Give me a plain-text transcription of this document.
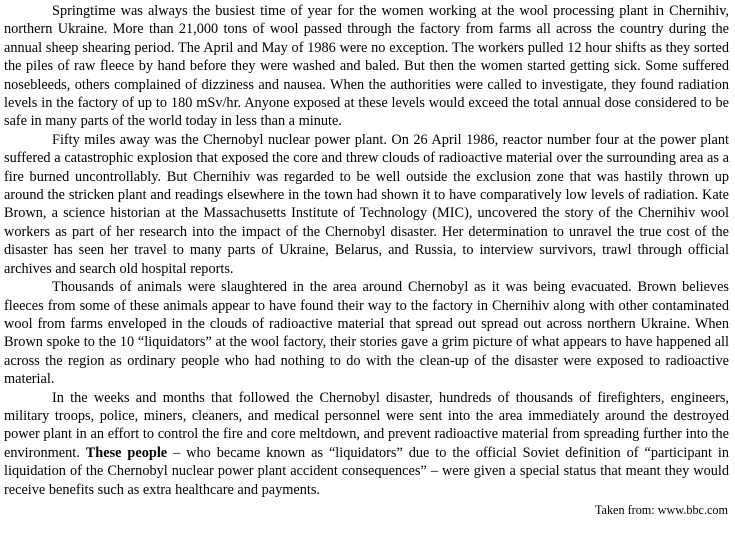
Springtime was always the busiest time of year for the women working at the wool processing plant in Chernihiv, northern Ukraine. More than 21,000 tons of wool passed through the factory from farms all across the country during the annual sheep shearing period. The April and May of 1986 were no exception. The workers pulled 12 hour shifts as they sorted the piles of raw fleece by hand before they were washed and baled. But then the women started getting sick. Some suffered nosebleeds, others complained of dizziness and nausea. When the authorities were called to investigate, they found radiation levels in the factory of up to 180 mSv/hr. Anyone exposed at these levels would exceed the total annual dose considered to be safe in many parts of the world today in less than a minute.

Fifty miles away was the Chernobyl nuclear power plant. On 26 April 1986, reactor number four at the power plant suffered a catastrophic explosion that exposed the core and threw clouds of radioactive material over the surrounding area as a fire burned uncontrollably. But Chernihiv was regarded to be well outside the exclusion zone that was hastily thrown up around the stricken plant and readings elsewhere in the town had shown it to have comparatively low levels of radiation. Kate Brown, a science historian at the Massachusetts Institute of Technology (MIC), uncovered the story of the Chernihiv wool workers as part of her research into the impact of the Chernobyl disaster. Her determination to unravel the true cost of the disaster has seen her travel to many parts of Ukraine, Belarus, and Russia, to interview survivors, trawl through official archives and search old hospital reports.

Thousands of animals were slaughtered in the area around Chernobyl as it was being evacuated. Brown believes fleeces from some of these animals appear to have found their way to the factory in Chernihiv along with other contaminated wool from farms enveloped in the clouds of radioactive material that spread out spread out across northern Ukraine. When Brown spoke to the 10 “liquidators” at the wool factory, their stories gave a grim picture of what appears to have happened all across the region as ordinary people who had nothing to do with the clean-up of the disaster were exposed to radioactive material.

In the weeks and months that followed the Chernobyl disaster, hundreds of thousands of firefighters, engineers, military troops, police, miners, cleaners, and medical personnel were sent into the area immediately around the destroyed power plant in an effort to control the fire and core meltdown, and prevent radioactive material from spreading further into the environment. These people – who became known as “liquidators” due to the official Soviet definition of “participant in liquidation of the Chernobyl nuclear power plant accident consequences” – were given a special status that meant they would receive benefits such as extra healthcare and payments.

Taken from: www.bbc.com
